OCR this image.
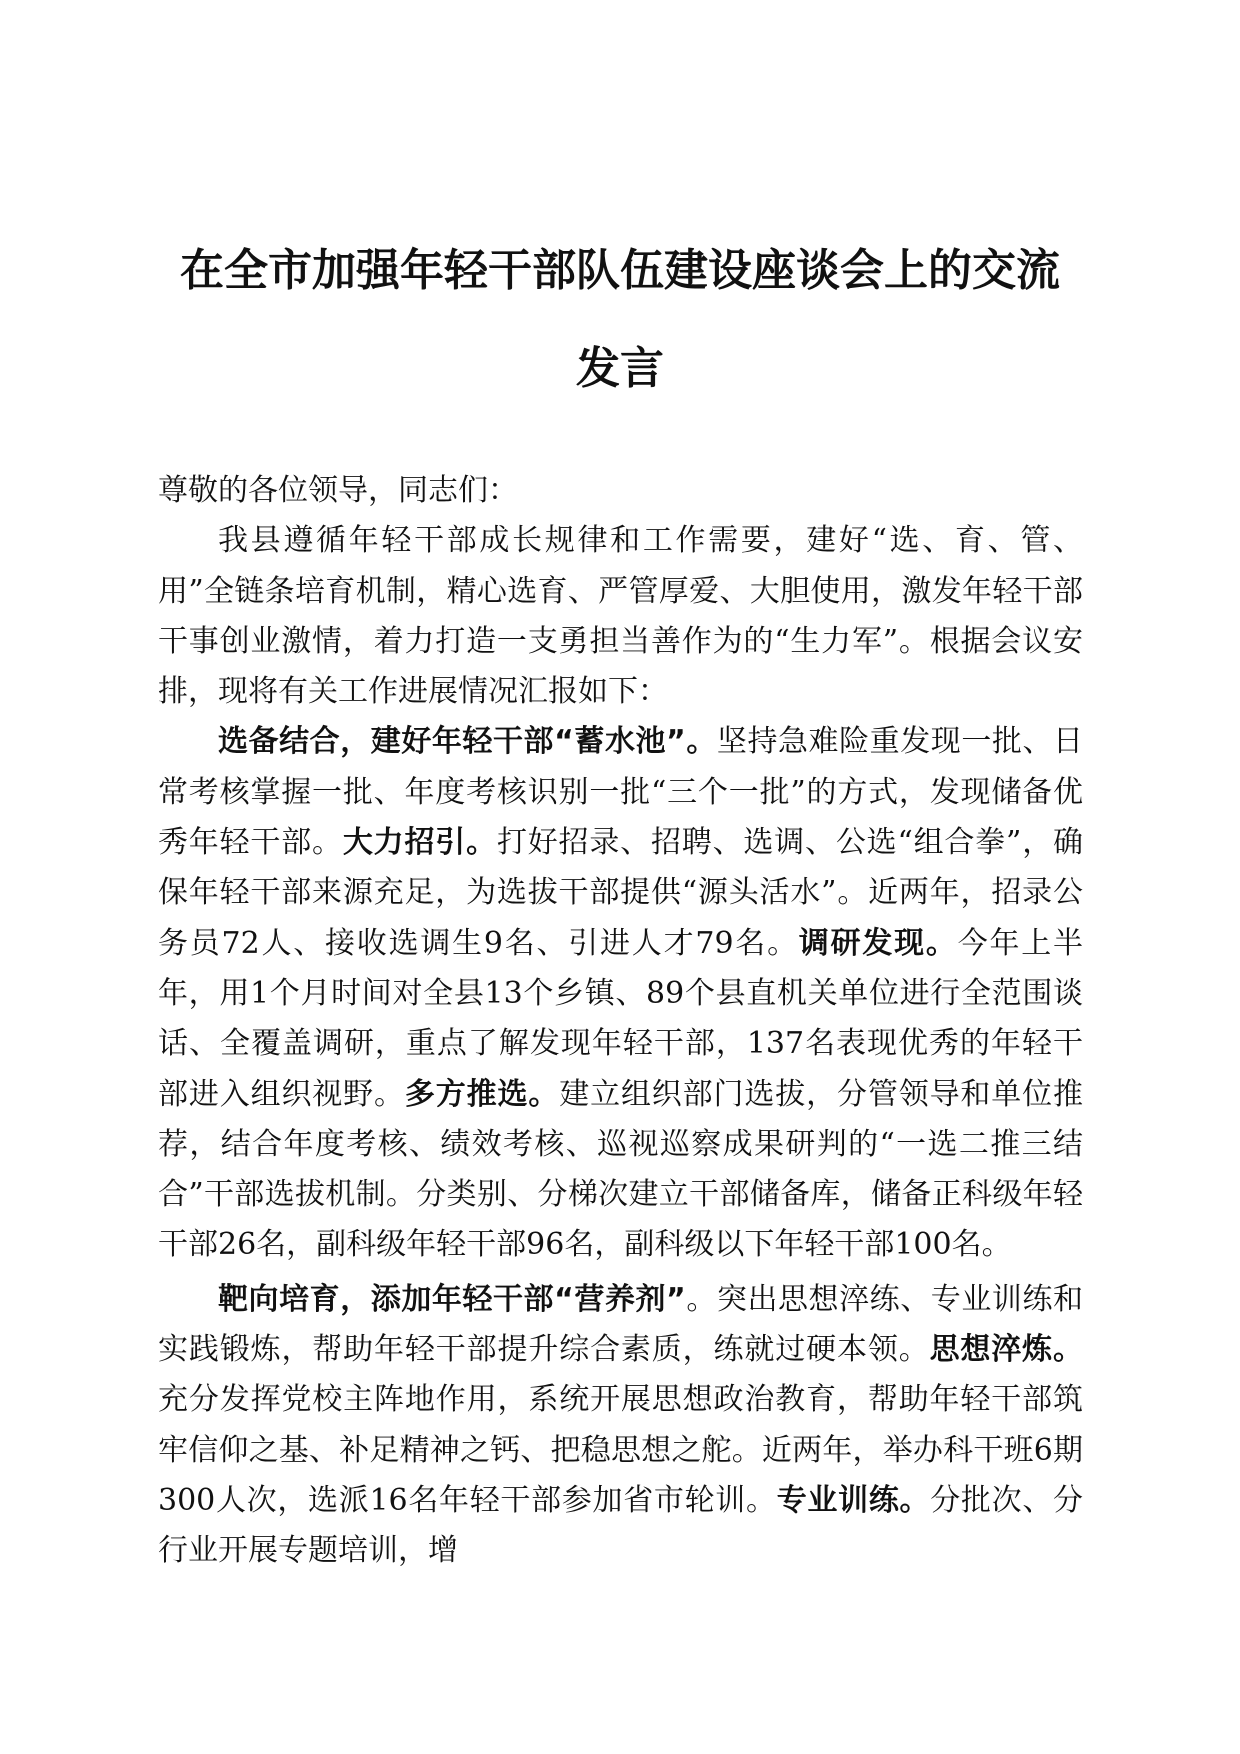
在全市加强年轻干部队伍建设座谈会上的交流
发言

尊敬的各位领导，同志们：

我县遵循年轻干部成长规律和工作需要，建好“选、育、管、用”全链条培育机制，精心选育、严管厚爱、大胆使用，激发年轻干部干事创业激情，着力打造一支勇担当善作为的“生力军”。根据会议安排，现将有关工作进展情况汇报如下：

选备结合，建好年轻干部“蓄水池”。坚持急难险重发现一批、日常考核掌握一批、年度考核识别一批“三个一批”的方式，发现储备优秀年轻干部。大力招引。打好招录、招聘、选调、公选“组合拳”，确保年轻干部来源充足，为选拔干部提供“源头活水”。近两年，招录公务员72人、接收选调生9名、引进人才79名。调研发现。今年上半年，用1个月时间对全县13个乡镇、89个县直机关单位进行全范围谈话、全覆盖调研，重点了解发现年轻干部，137名表现优秀的年轻干部进入组织视野。多方推选。建立组织部门选拔，分管领导和单位推荐，结合年度考核、绩效考核、巡视巡察成果研判的“一选二推三结合”干部选拔机制。分类别、分梯次建立干部储备库，储备正科级年轻干部26名，副科级年轻干部96名，副科级以下年轻干部100名。

靶向培育，添加年轻干部“营养剂”。突出思想淬练、专业训练和实践锻炼，帮助年轻干部提升综合素质，练就过硬本领。思想淬炼。充分发挥党校主阵地作用，系统开展思想政治教育，帮助年轻干部筑牢信仰之基、补足精神之钙、把稳思想之舵。近两年，举办科干班6期300人次，选派16名年轻干部参加省市轮训。专业训练。分批次、分行业开展专题培训，增
